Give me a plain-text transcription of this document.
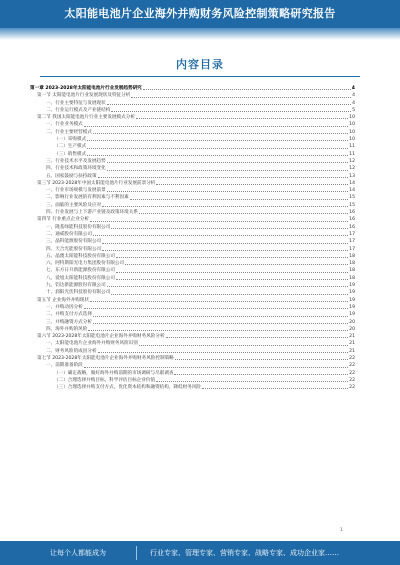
太阳能电池片企业海外并购财务风险控制策略研究报告
内容目录
第一章 2023-2028年太阳能电池片行业发展趋势研究	4
第一节 太阳能电池片行业发展现状及特征分析	4
一、行业主要特征与发展现状	4
二、行业运行模式及产业链结构	5
第二节 我国太阳能电池片行业主要发展模式分析	10
一、行业业务模式	10
二、行业主要经营模式	10
（一）采购模式	10
（二）生产模式	11
（三）销售模式	11
三、行业技术水平及发展趋势	12
四、行业技术和政策环境变化	12
五、国家鼓励与扶持政策	13
第三节 2023-2028年中国太阳能电池片行业发展前景分析	14
一、行业市场规模与发展前景	14
二、影响行业发展的有利因素与不利因素	15
三、面临的主要风险及应对	15
四、行业发展与上下游产业链及政策环境关系	16
第四节 行业重点企业分析	16
一、隆基绿能科技股份有限公司	16
二、通威股份有限公司	17
三、晶科能源股份有限公司	17
四、天合光能股份有限公司	17
五、晶澳太阳能科技股份有限公司	18
六、阿特斯阳光电力集团股份有限公司	18
七、东方日升新能源股份有限公司	18
八、爱旭太阳能科技股份有限公司	18
九、钧达新能源股份有限公司	19
十、润阳光伏科技股份有限公司	19
第五节 企业海外并购现状	19
一、并购动因分析	19
二、并购支付方式选择	19
三、并购融资方式分析	20
四、海外并购的风险	20
第六节 2023-2028年太阳能电池片企业海外并购财务风险分析	21
一、太阳能电池片企业海外并购财务风险识别	21
二、财务风险的成因分析	21
第七节 2023-2028年太阳能电池片企业海外并购财务风险控制策略	22
一、前期准备阶段	22
（一）确定战略，做好海外并购前期的市场调研与尽职调查	22
（二）合理选择并购目标，科学评估目标企业价值	22
（三）合理选择并购支付方式，优化资本结构和融资结构，降低财务风险	22
1
让每个人都能成为	行业专家、管理专家、营销专家、战略专家、成功企业家……
